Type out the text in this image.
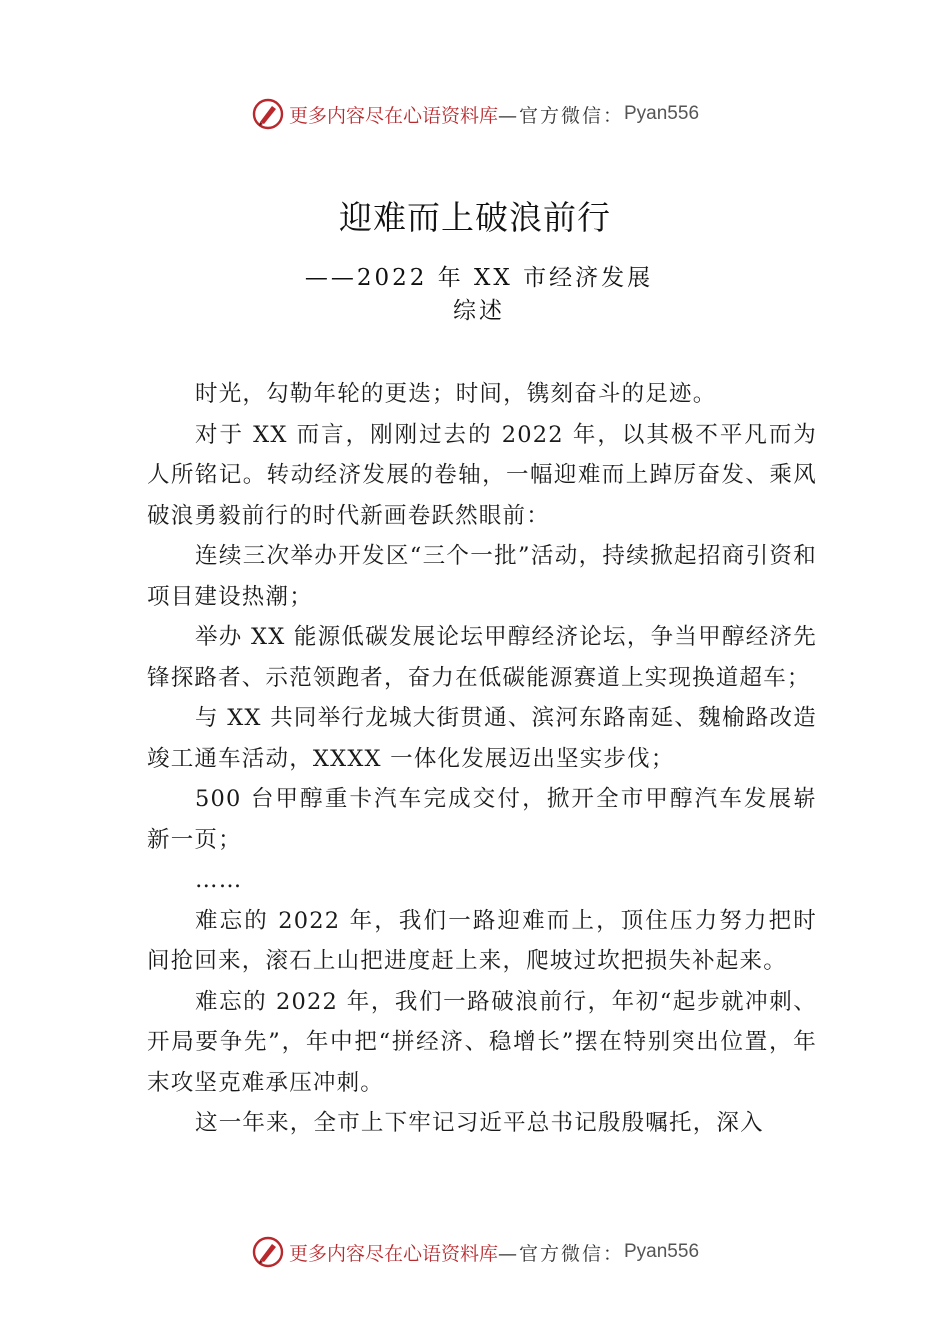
更多内容尽在心语资料库 —官方微信： Pyan556
迎难而上破浪前行
——2022 年 XX 市经济发展综述

时光，勾勒年轮的更迭；时间，镌刻奋斗的足迹。

对于 XX 而言，刚刚过去的 2022 年，以其极不平凡而为人所铭记。转动经济发展的卷轴，一幅迎难而上踔厉奋发、乘风破浪勇毅前行的时代新画卷跃然眼前：

连续三次举办开发区“三个一批”活动，持续掀起招商引资和项目建设热潮；

举办 XX 能源低碳发展论坛甲醇经济论坛，争当甲醇经济先锋探路者、示范领跑者，奋力在低碳能源赛道上实现换道超车；

与 XX 共同举行龙城大街贯通、滨河东路南延、魏榆路改造竣工通车活动，XXXX 一体化发展迈出坚实步伐；

500 台甲醇重卡汽车完成交付，掀开全市甲醇汽车发展崭新一页；

……

难忘的 2022 年，我们一路迎难而上，顶住压力努力把时间抢回来，滚石上山把进度赶上来，爬坡过坎把损失补起来。

难忘的 2022 年，我们一路破浪前行，年初“起步就冲刺、开局要争先”，年中把“拼经济、稳增长”摆在特别突出位置，年末攻坚克难承压冲刺。

这一年来，全市上下牢记习近平总书记殷殷嘱托，深入

更多内容尽在心语资料库 —官方微信： Pyan556
